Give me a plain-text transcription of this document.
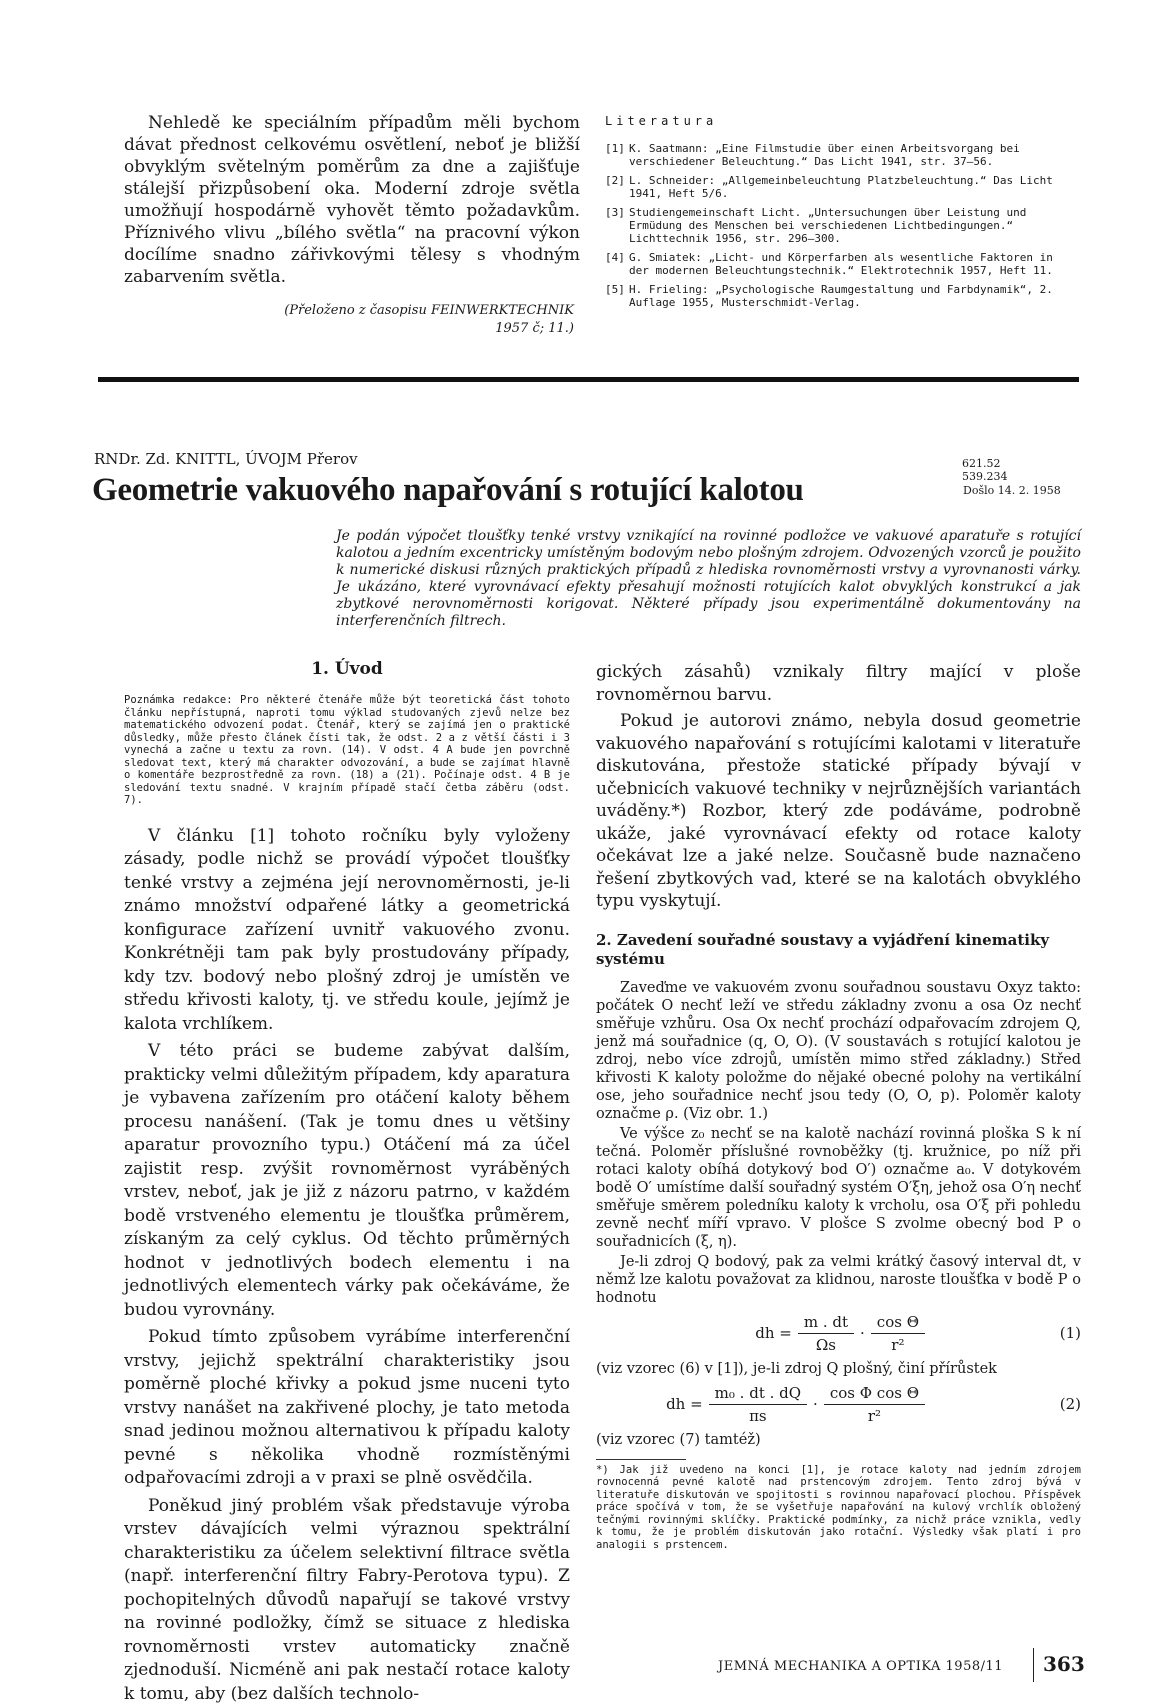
Nehledě ke speciálním případům měli bychom dávat přednost celkovému osvětlení, neboť je bližší obvyklým světelným poměrům za dne a zajišťuje stálejší přizpůsobení oka. Moderní zdroje světla umožňují hospodárně vyhovět těmto požadavkům. Příznivého vlivu „bílého světla“ na pracovní výkon docílíme snadno zářivkovými tělesy s vhodným zabarvením světla.

(Přeloženo z časopisu FEINWERKTECHNIK
1957 č; 11.)
Literatura
[1] K. Saatmann: „Eine Filmstudie über einen Arbeitsvorgang bei verschiedener Beleuchtung.“ Das Licht 1941, str. 37—56.
[2] L. Schneider: „Allgemeinbeleuchtung Platzbeleuchtung.“ Das Licht 1941, Heft 5/6.
[3] Studiengemeinschaft Licht. „Untersuchungen über Leistung und Ermüdung des Menschen bei verschiedenen Lichtbedingungen.“ Lichttechnik 1956, str. 296—300.
[4] G. Smiatek: „Licht- und Körperfarben als wesentliche Faktoren in der modernen Beleuchtungstechnik.“ Elektrotechnik 1957, Heft 11.
[5] H. Frieling: „Psychologische Raumgestaltung und Farbdynamik“, 2. Auflage 1955, Musterschmidt-Verlag.
RNDr. Zd. KNITTL, ÚVOJM Přerov
Geometrie vakuového napařování s rotující kalotou
621.52
539.234
Došlo 14. 2. 1958

Je podán výpočet tloušťky tenké vrstvy vznikající na rovinné podložce ve vakuové aparatuře s rotující kalotou a jedním excentricky umístěným bodovým nebo plošným zdrojem. Odvozených vzorců je použito k numerické diskusi různých praktických případů z hlediska rovnoměrnosti vrstvy a vyrovnanosti várky. Je ukázáno, které vyrovnávací efekty přesahují možnosti rotujících kalot obvyklých konstrukcí a jak zbytkové nerovnoměrnosti korigovat. Některé případy jsou experimentálně dokumentovány na interferenčních filtrech.

1. Úvod

Poznámka redakce: Pro některé čtenáře může být teoretická část tohoto článku nepřístupná, naproti tomu výklad studovaných zjevů nelze bez matematického odvození podat. Čtenář, který se zajímá jen o praktické důsledky, může přesto článek čísti tak, že odst. 2 a z větší části i 3 vynechá a začne u textu za rovn. (14). V odst. 4 A bude jen povrchně sledovat text, který má charakter odvozování, a bude se zajímat hlavně o komentáře bezprostředně za rovn. (18) a (21). Počínaje odst. 4 B je sledování textu snadné. V krajním případě stačí četba záběru (odst. 7).

V článku [1] tohoto ročníku byly vyloženy zásady, podle nichž se provádí výpočet tloušťky tenké vrstvy a zejména její nerovnoměrnosti, je-li známo množství odpařené látky a geometrická konfigurace zařízení uvnitř vakuového zvonu. Konkrétněji tam pak byly prostudovány případy, kdy tzv. bodový nebo plošný zdroj je umístěn ve středu křivosti kaloty, tj. ve středu koule, jejímž je kalota vrchlíkem.

V této práci se budeme zabývat dalším, prakticky velmi důležitým případem, kdy aparatura je vybavena zařízením pro otáčení kaloty během procesu nanášení. (Tak je tomu dnes u většiny aparatur provozního typu.) Otáčení má za účel zajistit resp. zvýšit rovnoměrnost vyráběných vrstev, neboť, jak je již z názoru patrno, v každém bodě vrstveného elementu je tloušťka průměrem, získaným za celý cyklus. Od těchto průměrných hodnot v jednotlivých bodech elementu i na jednotlivých elementech várky pak očekáváme, že budou vyrovnány.

Pokud tímto způsobem vyrábíme interferenční vrstvy, jejichž spektrální charakteristiky jsou poměrně ploché křivky a pokud jsme nuceni tyto vrstvy nanášet na zakřivené plochy, je tato metoda snad jedinou možnou alternativou k případu kaloty pevné s několika vhodně rozmístěnými odpařovacími zdroji a v praxi se plně osvědčila.

Poněkud jiný problém však představuje výroba vrstev dávajících velmi výraznou spektrální charakteristiku za účelem selektivní filtrace světla (např. interferenční filtry Fabry-Perotova typu). Z pochopitelných důvodů napařují se takové vrstvy na rovinné podložky, čímž se situace z hlediska rovnoměrnosti vrstev automaticky značně zjednoduší. Nicméně ani pak nestačí rotace kaloty k tomu, aby (bez dalších technolo-

gických zásahů) vznikaly filtry mající v ploše rovnoměrnou barvu.

Pokud je autorovi známo, nebyla dosud geometrie vakuového napařování s rotujícími kalotami v literatuře diskutována, přestože statické případy bývají v učebnicích vakuové techniky v nejrůznějších variantách uváděny.*) Rozbor, který zde podáváme, podrobně ukáže, jaké vyrovnávací efekty od rotace kaloty očekávat lze a jaké nelze. Současně bude naznačeno řešení zbytkových vad, které se na kalotách obvyklého typu vyskytují.

2. Zavedení souřadné soustavy a vyjádření kinematiky systému

Zaveďme ve vakuovém zvonu souřadnou soustavu Oxyz takto: počátek O nechť leží ve středu základny zvonu a osa Oz nechť směřuje vzhůru. Osa Ox nechť prochází odpařovacím zdrojem Q, jenž má souřadnice (q, O, O). (V soustavách s rotující kalotou je zdroj, nebo více zdrojů, umístěn mimo střed základny.) Střed křivosti K kaloty položme do nějaké obecné polohy na vertikální ose, jeho souřadnice nechť jsou tedy (O, O, p). Poloměr kaloty označme ρ. (Viz obr. 1.)

Ve výšce z₀ nechť se na kalotě nachází rovinná ploška S k ní tečná. Poloměr příslušné rovnoběžky (tj. kružnice, po níž při rotaci kaloty obíhá dotykový bod O′) označme a₀. V dotykovém bodě O′ umístíme další souřadný systém O′ξη, jehož osa O′η nechť směřuje směrem poledníku kaloty k vrcholu, osa O′ξ při pohledu zevně nechť míří vpravo. V plošce S zvolme obecný bod P o souřadnicích (ξ, η).

Je-li zdroj Q bodový, pak za velmi krátký časový interval dt, v němž lze kalotu považovat za klidnou, naroste tloušťka v bodě P o hodnotu

dh = $\frac{m . dt}{\Omega s} \cdot \frac{\text{cos Θ}}{\text{r²}}$	(1)

(viz vzorec (6) v [1]), je-li zdroj Q plošný, činí přírůstek

dh = $\frac{\text{m₀ . dt . dQ}}{\pi s} \cdot \frac{\text{cos Φ cos Θ}}{\text{r²}}$	(2)

(viz vzorec (7) tamtéž)

*) Jak již uvedeno na konci [1], je rotace kaloty nad jedním zdrojem rovnocenná pevné kalotě nad prstencovým zdrojem. Tento zdroj bývá v literatuře diskutován ve spojitosti s rovinnou napařovací plochou. Příspěvek práce spočívá v tom, že se vyšetřuje napařování na kulový vrchlík obložený tečnými rovinnými sklíčky. Praktické podmínky, za nichž práce vznikla, vedly k tomu, že je problém diskutován jako rotační. Výsledky však platí i pro analogii s prstencem.

JEMNÁ MECHANIKA A OPTIKA 1958/11 363
